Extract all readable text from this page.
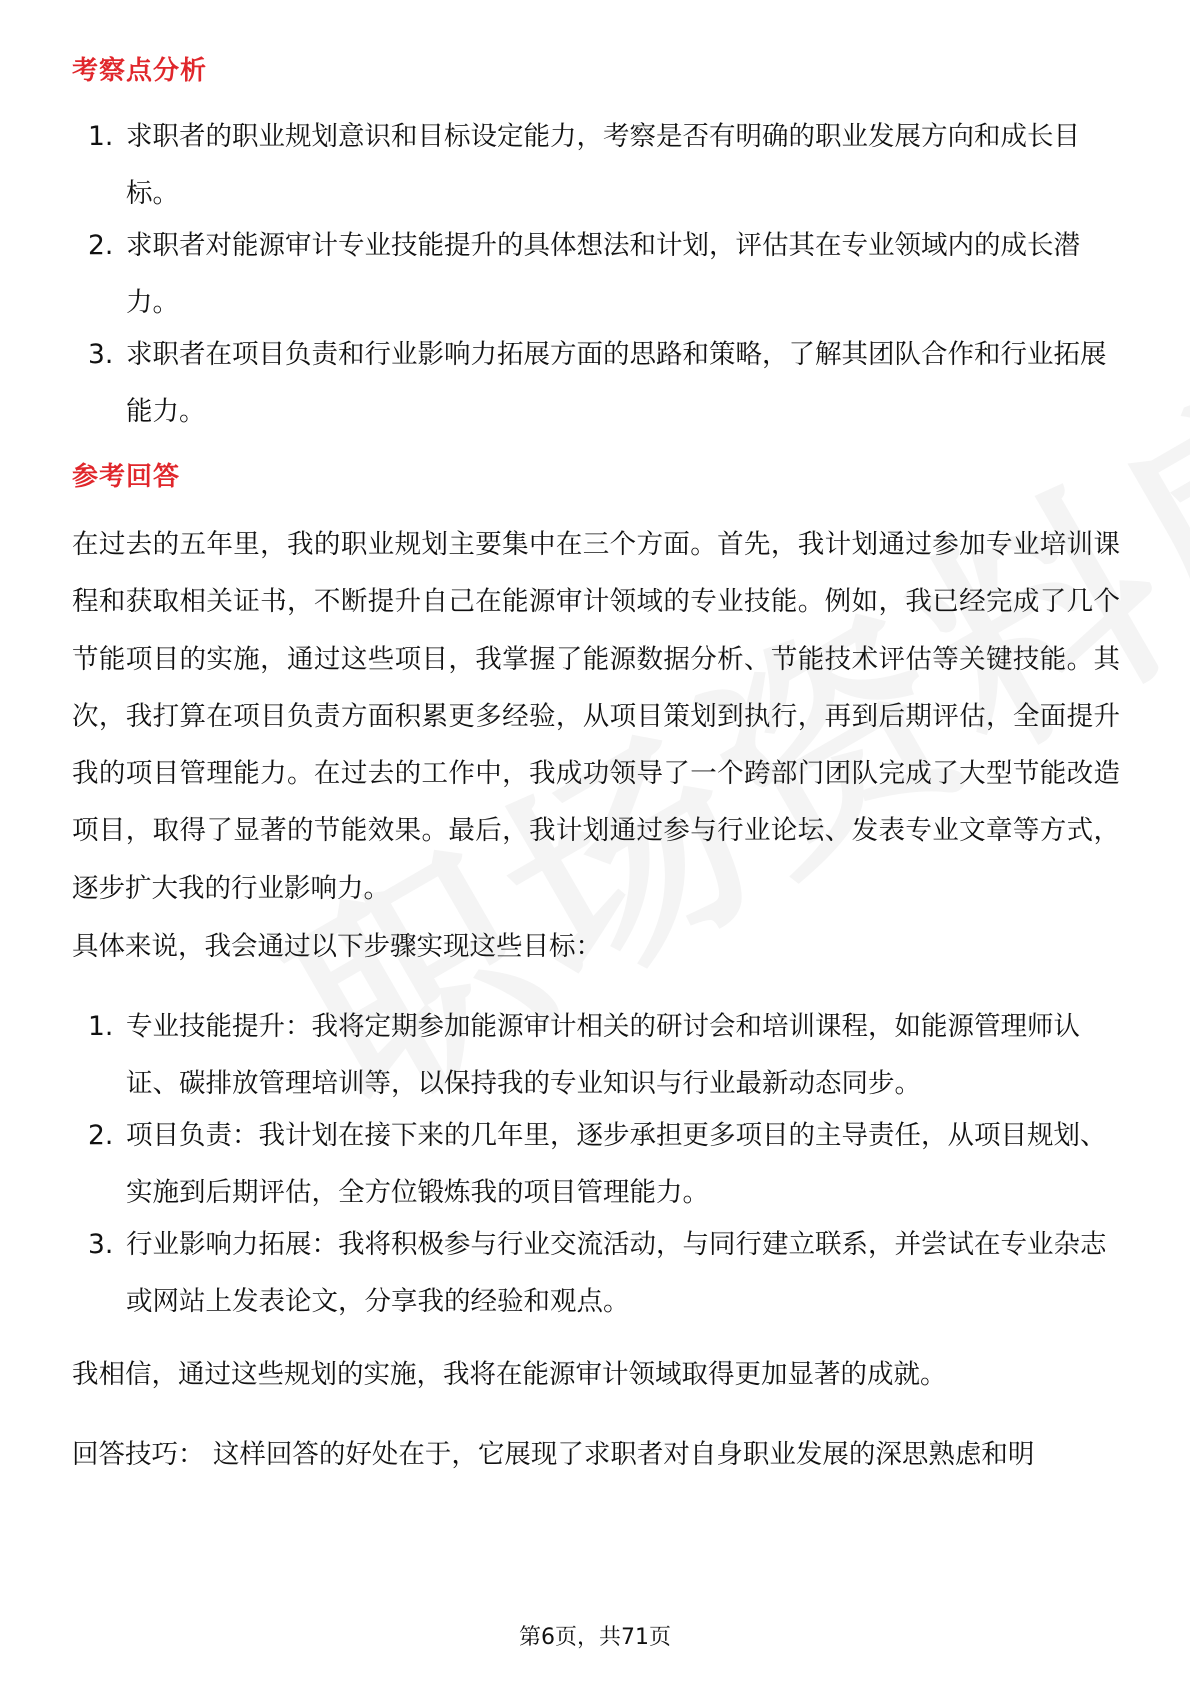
考察点分析
1. 求职者的职业规划意识和目标设定能力，考察是否有明确的职业发展方向和成长目标。
2. 求职者对能源审计专业技能提升的具体想法和计划，评估其在专业领域内的成长潜力。
3. 求职者在项目负责和行业影响力拓展方面的思路和策略，了解其团队合作和行业拓展能力。
参考回答

在过去的五年里，我的职业规划主要集中在三个方面。首先，我计划通过参加专业培训课程和获取相关证书，不断提升自己在能源审计领域的专业技能。例如，我已经完成了几个节能项目的实施，通过这些项目，我掌握了能源数据分析、节能技术评估等关键技能。其次，我打算在项目负责方面积累更多经验，从项目策划到执行，再到后期评估，全面提升我的项目管理能力。在过去的工作中，我成功领导了一个跨部门团队完成了大型节能改造项目，取得了显著的节能效果。最后，我计划通过参与行业论坛、发表专业文章等方式，逐步扩大我的行业影响力。

具体来说，我会通过以下步骤实现这些目标：

1. 专业技能提升：我将定期参加能源审计相关的研讨会和培训课程，如能源管理师认证、碳排放管理培训等，以保持我的专业知识与行业最新动态同步。
2. 项目负责：我计划在接下来的几年里，逐步承担更多项目的主导责任，从项目规划、实施到后期评估，全方位锻炼我的项目管理能力。
3. 行业影响力拓展：我将积极参与行业交流活动，与同行建立联系，并尝试在专业杂志或网站上发表论文，分享我的经验和观点。

我相信，通过这些规划的实施，我将在能源审计领域取得更加显著的成就。

回答技巧： 这样回答的好处在于，它展现了求职者对自身职业发展的深思熟虑和明

第6页，共71页
